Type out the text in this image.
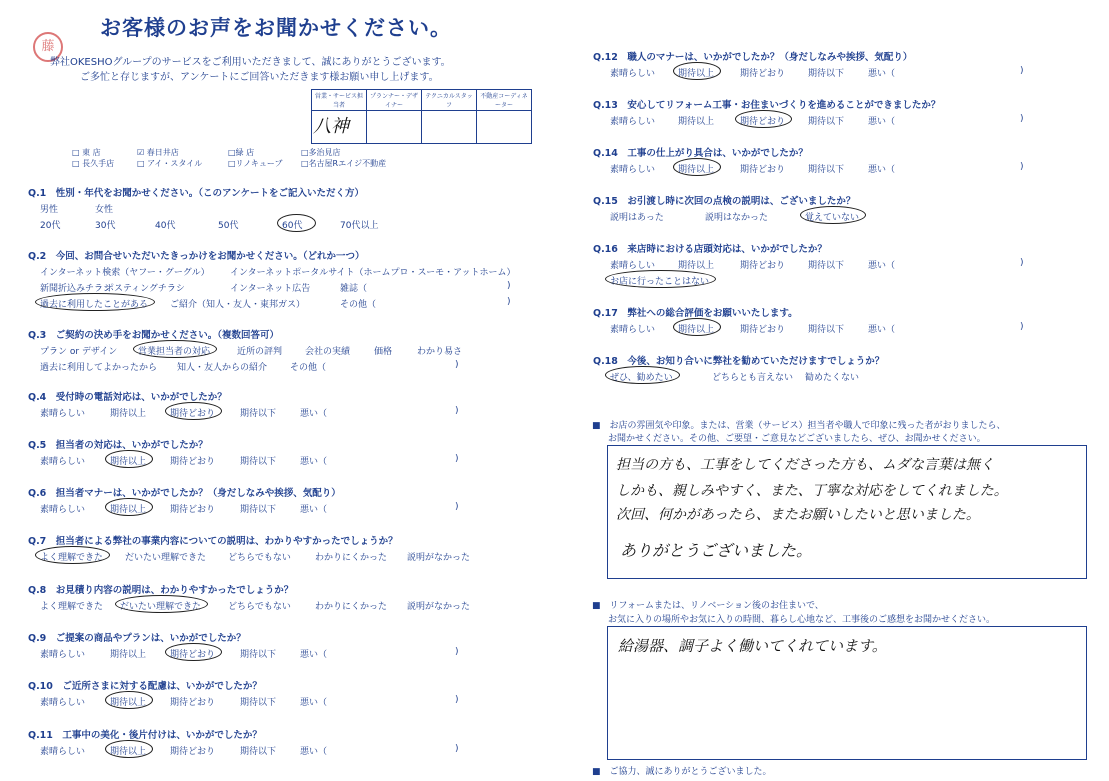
藤
お客様のお声をお聞かせください。
弊社OKESHOグループのサービスをご利用いただきまして、誠にありがとうございます。
ご多忙と存じますが、アンケートにご回答いただきます様お願い申し上げます。
営業・サービス担当者	プランナー・デザイナー	テクニカルスタッフ	不動産コーディネーター
八神			
□ 東 店	☑ 春日井店	□緑 店	□多治見店
□ 長久手店	□ アイ・スタイル	□リノキューブ □名古屋Rエイジ不動産
Q.1　性別・年代をお聞かせください。（このアンケートをご記入いただく方）
男性	女性
20代	30代	40代	50代	60代	70代以上
Q.2　今回、お問合せいただいたきっかけをお聞かせください。（どれか一つ）
インターネット検索（ヤフー・グーグル） インターネットポータルサイト（ホームプロ・スーモ・アットホーム）
新聞折込みチラシ
ポスティングチラシ	インターネット広告	雑誌（	)
過去に利用したことがある ご紹介（知人・友人・東邦ガス）	その他（	)
Q.3　ご契約の決め手をお聞かせください。（複数回答可）
プラン or デザイン 営業担当者の対応	近所の評判	会社の実績	価格	わかり易さ
過去に利用してよかったから 知人・友人からの紹介	その他（	)
Q.4　受付時の電話対応は、いかがでしたか？
素晴らしい	期待以上	期待どおり	期待以下	悪い（	)
Q.5　担当者の対応は、いかがでしたか？
素晴らしい	期待以上	期待どおり	期待以下	悪い（	)
Q.6　担当者マナーは、いかがでしたか？（身だしなみや挨拶、気配り）
素晴らしい	期待以上	期待どおり	期待以下	悪い（	)
Q.7　担当者による弊社の事業内容についての説明は、わかりやすかったでしょうか？
よく理解できた だいたい理解できた どちらでもない	わかりにくかった 説明がなかった
Q.8　お見積り内容の説明は、わかりやすかったでしょうか？
よく理解できた だいたい理解できた	どちらでもない	わかりにくかった 説明がなかった
Q.9　ご提案の商品やプランは、いかがでしたか？
素晴らしい	期待以上	期待どおり	期待以下	悪い（	)
Q.10　ご近所さまに対する配慮は、いかがでしたか？
素晴らしい	期待以上	期待どおり	期待以下	悪い（	)
Q.11　工事中の美化・後片付けは、いかがでしたか？
素晴らしい	期待以上	期待どおり	期待以下	悪い（	)
Q.12　職人のマナーは、いかがでしたか？（身だしなみや挨拶、気配り）
素晴らしい	期待以上	期待どおり	期待以下	悪い（	)
Q.13　安心してリフォーム工事・お住まいづくりを進めることができましたか？
素晴らしい	期待以上	期待どおり	期待以下	悪い（	)
Q.14　工事の仕上がり具合は、いかがでしたか？
素晴らしい	期待以上	期待どおり	期待以下	悪い（	)
Q.15　お引渡し時に次回の点検の説明は、ございましたか？
説明はあった	説明はなかった	覚えていない
Q.16　来店時における店頭対応は、いかがでしたか？
素晴らしい	期待以上	期待どおり	期待以下	悪い（	)
お店に行ったことはない
Q.17　弊社への総合評価をお願いいたします。
素晴らしい	期待以上	期待どおり	期待以下	悪い（	)
Q.18　今後、お知り合いに弊社を勧めていただけますでしょうか？
ぜひ、勧めたい	どちらとも言えない 勧めたくない
■　お店の雰囲気や印象。または、営業（サービス）担当者や職人で印象に残った者がおりましたら、
お聞かせください。その他、ご要望・ご意見などございましたら、ぜひ、お聞かせください。
担当の方も、工事をしてくださった方も、ムダな言葉は無く
しかも、親しみやすく、また、丁寧な対応をしてくれました。
次回、何かがあったら、またお願いしたいと思いました。
ありがとうございました。
■　リフォームまたは、リノベーション後のお住まいで、
お気に入りの場所やお気に入りの時間、暮らし心地など、工事後のご感想をお聞かせください。
給湯器、調子よく働いてくれています。
■　ご協力、誠にありがとうございました。
